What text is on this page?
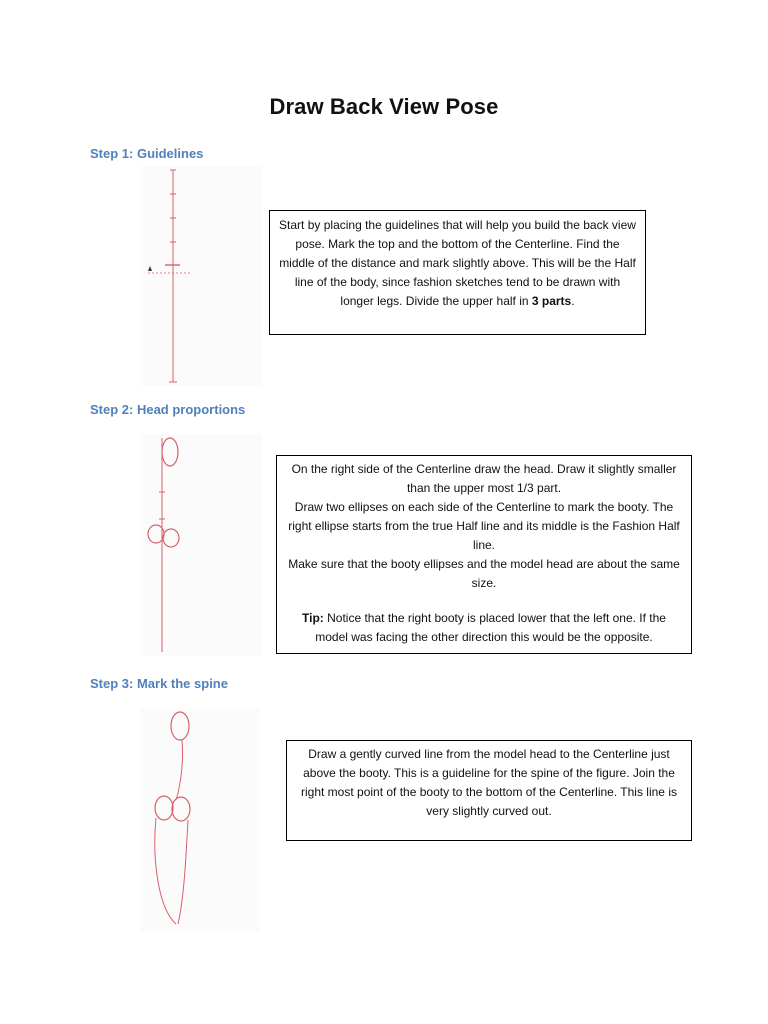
Draw Back View Pose
Step 1: Guidelines

Start by placing the guidelines that will help you build the back view pose. Mark the top and the bottom of the Centerline. Find the middle of the distance and mark slightly above. This will be the Half line of the body, since fashion sketches tend to be drawn with longer legs. Divide the upper half in 3 parts.

Step 2: Head proportions

On the right side of the Centerline draw the head. Draw it slightly smaller than the upper most 1/3 part.

Draw two ellipses on each side of the Centerline to mark the booty. The right ellipse starts from the true Half line and its middle is the Fashion Half line.

Make sure that the booty ellipses and the model head are about the same size.

Tip: Notice that the right booty is placed lower that the left one. If the model was facing the other direction this would be the opposite.

Step 3: Mark the spine

Draw a gently curved line from the model head to the Centerline just above the booty. This is a guideline for the spine of the figure. Join the right most point of the booty to the bottom of the Centerline. This line is very slightly curved out.
